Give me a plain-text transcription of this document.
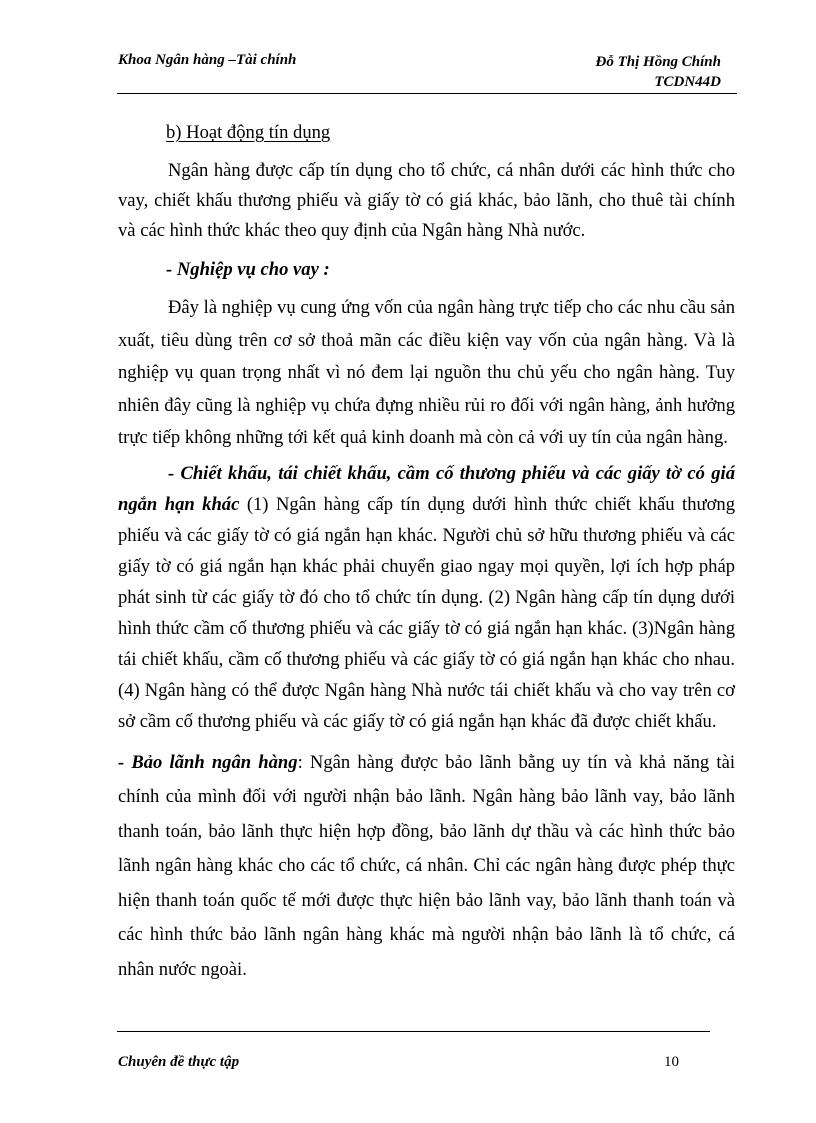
Khoa Ngân hàng –Tài chính	Đỗ Thị Hồng Chính
TCDN44D

b) Hoạt động tín dụng

Ngân hàng được cấp tín dụng cho tổ chức, cá nhân dưới các hình thức cho vay, chiết khấu thương phiếu và giấy tờ có giá khác, bảo lãnh, cho thuê tài chính và các hình thức khác theo quy định của Ngân hàng Nhà nước.

- Nghiệp vụ cho vay :

Đây là nghiệp vụ cung ứng vốn của ngân hàng trực tiếp cho các nhu cầu sản xuất, tiêu dùng trên cơ sở thoả mãn các điều kiện vay vốn của ngân hàng. Và là nghiệp vụ quan trọng nhất vì nó đem lại nguồn thu chủ yếu cho ngân hàng. Tuy nhiên đây cũng là nghiệp vụ chứa đựng nhiều rủi ro đối với ngân hàng, ảnh hưởng trực tiếp không những tới kết quả kinh doanh mà còn cả với uy tín của ngân hàng.

- Chiết khấu, tái chiết khấu, cầm cố thương phiếu và các giấy tờ có giá ngắn hạn khác (1) Ngân hàng cấp tín dụng dưới hình thức chiết khấu thương phiếu và các giấy tờ có giá ngắn hạn khác. Người chủ sở hữu thương phiếu và các giấy tờ có giá ngắn hạn khác phải chuyển giao ngay mọi quyền, lợi ích hợp pháp phát sinh từ các giấy tờ đó cho tổ chức tín dụng. (2) Ngân hàng cấp tín dụng dưới hình thức cầm cố thương phiếu và các giấy tờ có giá ngắn hạn khác. (3)Ngân hàng tái chiết khấu, cầm cố thương phiếu và các giấy tờ có giá ngắn hạn khác cho nhau. (4) Ngân hàng có thể được Ngân hàng Nhà nước tái chiết khấu và cho vay trên cơ sở cầm cố thương phiếu và các giấy tờ có giá ngắn hạn khác đã được chiết khấu.

- Bảo lãnh ngân hàng: Ngân hàng được bảo lãnh bằng uy tín và khả năng tài chính của mình đối với người nhận bảo lãnh. Ngân hàng bảo lãnh vay, bảo lãnh thanh toán, bảo lãnh thực hiện hợp đồng, bảo lãnh dự thầu và các hình thức bảo lãnh ngân hàng khác cho các tổ chức, cá nhân. Chỉ các ngân hàng được phép thực hiện thanh toán quốc tế mới được thực hiện bảo lãnh vay, bảo lãnh thanh toán và các hình thức bảo lãnh ngân hàng khác mà người nhận bảo lãnh là tổ chức, cá nhân nước ngoài.

Chuyên đề thực tập	10
